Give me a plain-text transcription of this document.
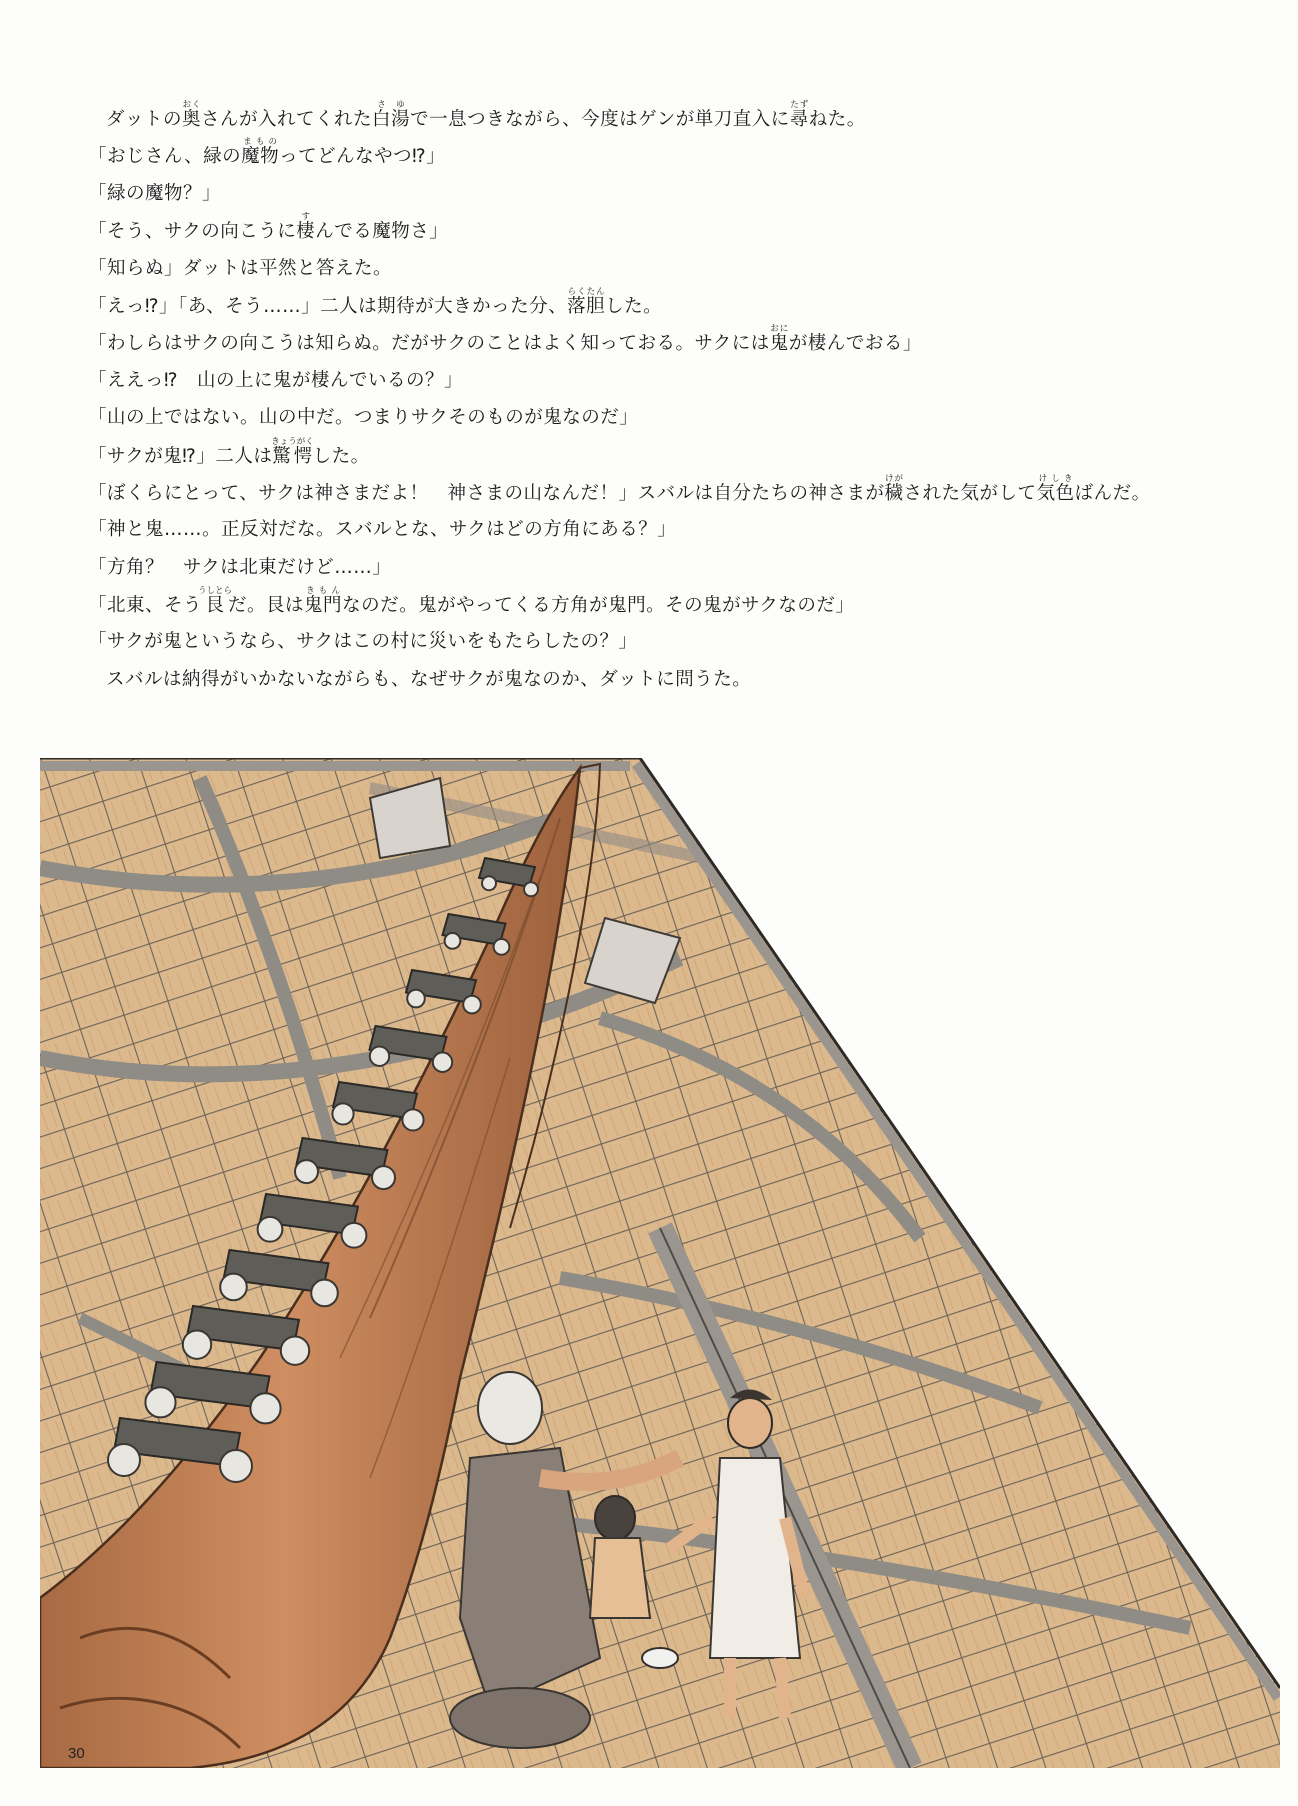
ダットの奥おくさんが入れてくれた白湯さゆで一息つきながら、今度はゲンが単刀直入に尋たずねた。
「おじさん、緑の魔物まものってどんなやつ⁉」
「緑の魔物？」
「そう、サクの向こうに棲すんでる魔物さ」
「知らぬ」ダットは平然と答えた。
「えっ⁉」「あ、そう……」二人は期待が大きかった分、落胆らくたんした。
「わしらはサクの向こうは知らぬ。だがサクのことはよく知っておる。サクには鬼おにが棲んでおる」
「ええっ⁉　山の上に鬼が棲んでいるの？」
「山の上ではない。山の中だ。つまりサクそのものが鬼なのだ」
「サクが鬼⁉」二人は驚愕きょうがくした。
「ぼくらにとって、サクは神さまだよ！　神さまの山なんだ！」スバルは自分たちの神さまが穢けがされた気がして気色けしきばんだ。
「神と鬼……。正反対だな。スバルとな、サクはどの方角にある？」
「方角？　サクは北東だけど……」
「北東、そう艮うしとらだ。艮は鬼門きもんなのだ。鬼がやってくる方角が鬼門。その鬼がサクなのだ」
「サクが鬼というなら、サクはこの村に災いをもたらしたの？」
スバルは納得がいかないながらも、なぜサクが鬼なのか、ダットに問うた。
30
